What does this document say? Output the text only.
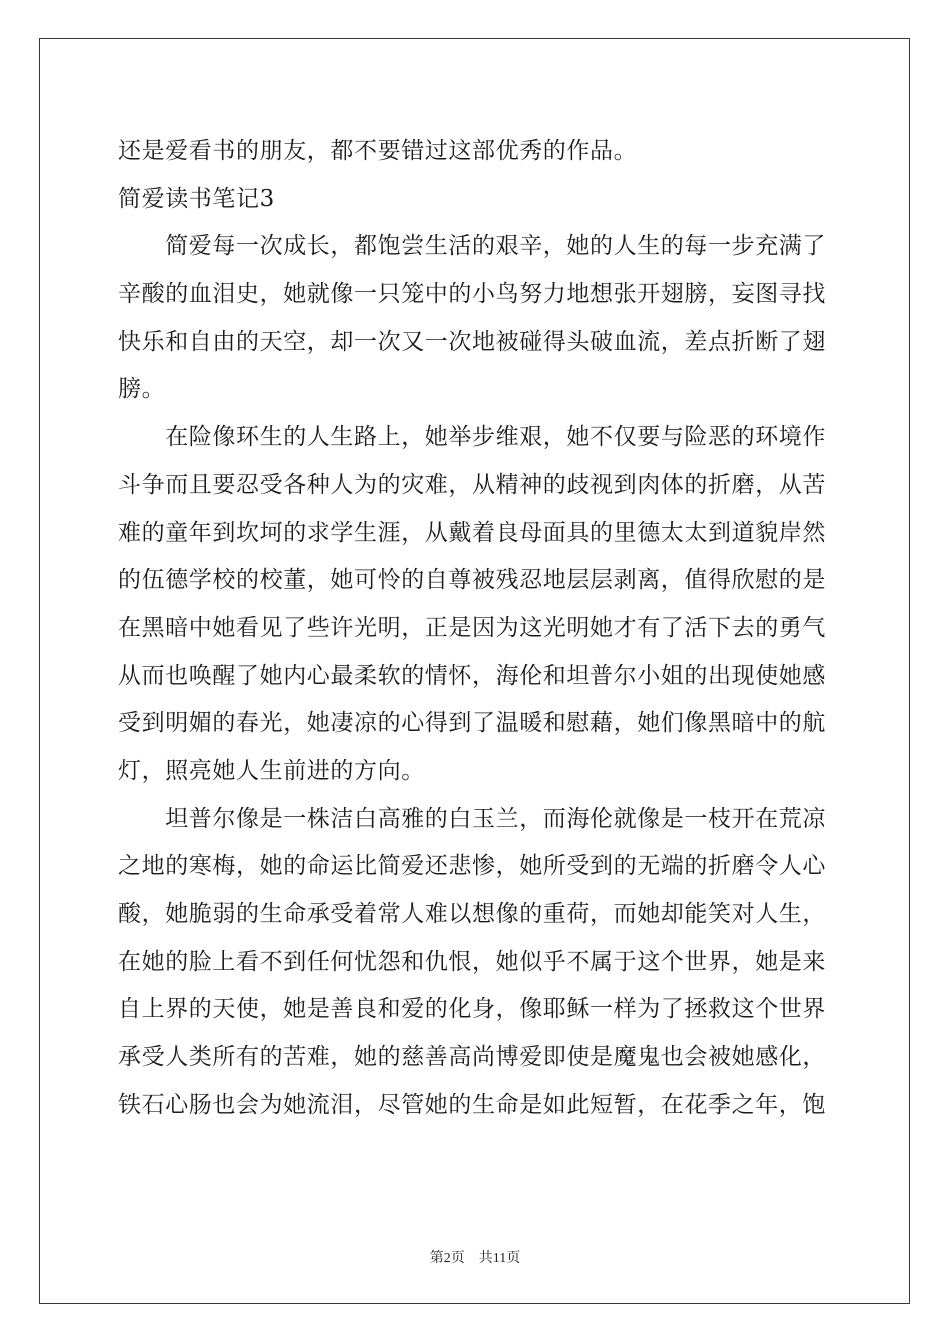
还是爱看书的朋友，都不要错过这部优秀的作品。
简爱读书笔记3
　　简爱每一次成长，都饱尝生活的艰辛，她的人生的每一步充满了
辛酸的血泪史，她就像一只笼中的小鸟努力地想张开翅膀，妄图寻找
快乐和自由的天空，却一次又一次地被碰得头破血流，差点折断了翅
膀。
　　在险像环生的人生路上，她举步维艰，她不仅要与险恶的环境作
斗争而且要忍受各种人为的灾难，从精神的歧视到肉体的折磨，从苦
难的童年到坎坷的求学生涯，从戴着良母面具的里德太太到道貌岸然
的伍德学校的校董，她可怜的自尊被残忍地层层剥离，值得欣慰的是
在黑暗中她看见了些许光明，正是因为这光明她才有了活下去的勇气
从而也唤醒了她内心最柔软的情怀，海伦和坦普尔小姐的出现使她感
受到明媚的春光，她凄凉的心得到了温暖和慰藉，她们像黑暗中的航
灯，照亮她人生前进的方向。
　　坦普尔像是一株洁白高雅的白玉兰，而海伦就像是一枝开在荒凉
之地的寒梅，她的命运比简爱还悲惨，她所受到的无端的折磨令人心
酸，她脆弱的生命承受着常人难以想像的重荷，而她却能笑对人生，
在她的脸上看不到任何忧怨和仇恨，她似乎不属于这个世界，她是来
自上界的天使，她是善良和爱的化身，像耶稣一样为了拯救这个世界
承受人类所有的苦难，她的慈善高尚博爱即使是魔鬼也会被她感化，
铁石心肠也会为她流泪，尽管她的生命是如此短暂，在花季之年，饱
第2页　共11页
